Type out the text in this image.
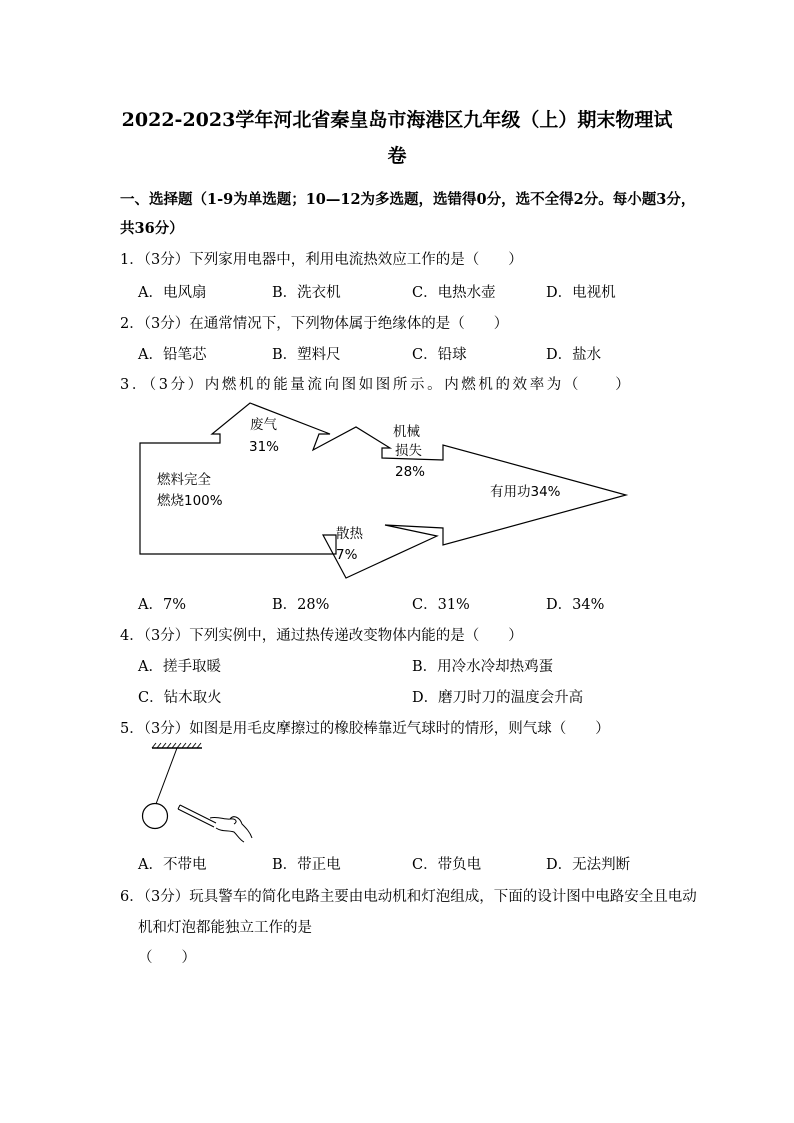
2022-2023学年河北省秦皇岛市海港区九年级（上）期末物理试
卷
一、选择题（1-9为单选题；10—12为多选题，选错得0分，选不全得2分。每小题3分，
共36分）
1．（3分）下列家用电器中，利用电流热效应工作的是（　　）
A．电风扇	B．洗衣机	C．电热水壶	D．电视机
2．（3分）在通常情况下，下列物体属于绝缘体的是（　　）
A．铅笔芯	B．塑料尺	C．铅球	D．盐水
3．（3分）内燃机的能量流向图如图所示。内燃机的效率为（　　）
燃料完全
燃烧100%
废气
31%
机械
损失
28%
有用功34%
散热
7%
A．7%	B．28%	C．31%	D．34%
4．（3分）下列实例中，通过热传递改变物体内能的是（　　）
A．搓手取暖	B．用冷水冷却热鸡蛋
C．钻木取火	D．磨刀时刀的温度会升高
5．（3分）如图是用毛皮摩擦过的橡胶棒靠近气球时的情形，则气球（　　）
A．不带电	B．带正电	C．带负电	D．无法判断
6．（3分）玩具警车的简化电路主要由电动机和灯泡组成，下面的设计图中电路安全且电动
机和灯泡都能独立工作的是
（　　）
